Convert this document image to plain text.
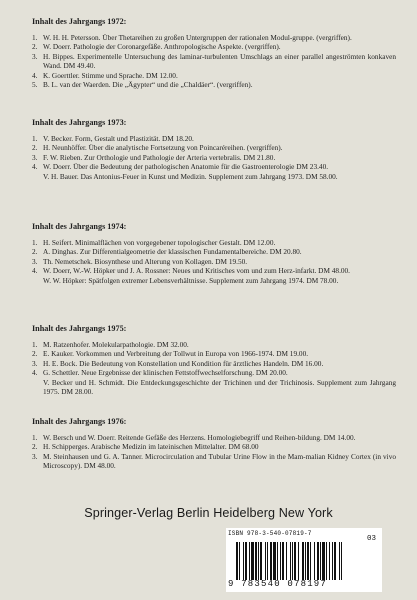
Inhalt des Jahrgangs 1972:
1. W. H. H. Petersson. Über Thetareihen zu großen Untergruppen der rationalen Modul-gruppe. (vergriffen).
2. W. Doerr. Pathologie der Coronargefäße. Anthropologische Aspekte. (vergriffen).
3. H. Bippes. Experimentelle Untersuchung des laminar-turbulenten Umschlags an einer parallel angeströmten konkaven Wand. DM 49.40.
4. K. Goerttler. Stimme und Sprache. DM 12.00.
5. B. L. van der Waerden. Die „Ägypter“ und die „Chaldäer“. (vergriffen).
Inhalt des Jahrgangs 1973:
1. V. Becker. Form, Gestalt und Plastizität. DM 18.20.
2. H. Neunhöffer. Über die analytische Fortsetzung von Poincaréreihen. (vergriffen).
3. F. W. Rieben. Zur Orthologie und Pathologie der Arteria vertebralis. DM 21.80.
4. W. Doerr. Über die Bedeutung der pathologischen Anatomie für die Gastroenterologie DM 23.40.
V. H. Bauer. Das Antonius-Feuer in Kunst und Medizin. Supplement zum Jahrgang 1973. DM 58.00.
Inhalt des Jahrgangs 1974:
1. H. Seifert. Minimalflächen von vorgegebener topologischer Gestalt. DM 12.00.
2. A. Dinghas. Zur Differentialgeometrie der klassischen Fundamentalbereiche. DM 20.80.
3. Th. Nemetschek. Biosynthese und Alterung von Kollagen. DM 19.50.
4. W. Doerr, W.-W. Höpker und J. A. Rossner: Neues und Kritisches vom und zum Herz-infarkt. DM 48.00.
W. W. Höpker: Spätfolgen extremer Lebensverhältnisse. Supplement zum Jahrgang 1974. DM 78.00.
Inhalt des Jahrgangs 1975:
1. M. Ratzenhofer. Molekularpathologie. DM 32.00.
2. E. Kauker. Vorkommen und Verbreitung der Tollwut in Europa von 1966-1974. DM 19.00.
3. H. E. Bock. Die Bedeutung von Konstellation und Kondition für ärztliches Handeln. DM 16.00.
4. G. Schettler. Neue Ergebnisse der klinischen Fettstoffwechselforschung. DM 20.00.
V. Becker und H. Schmidt. Die Entdeckungsgeschichte der Trichinen und der Trichinosis. Supplement zum Jahrgang 1975. DM 28.00.
Inhalt des Jahrgangs 1976:
1. W. Bersch und W. Doerr. Reitende Gefäße des Herzens. Homologiebegriff und Reihen-bildung. DM 14.00.
2. H. Schipperges. Arabische Medizin im lateinischen Mittelalter. DM 68.00
3. M. Steinhausen und G. A. Tanner. Microcirculation and Tubular Urine Flow in the Mam-malian Kidney Cortex (in vivo Microscopy). DM 48.00.
Springer-Verlag Berlin Heidelberg New York
ISBN 978-3-540-07819-7
03
9 783540 078197
